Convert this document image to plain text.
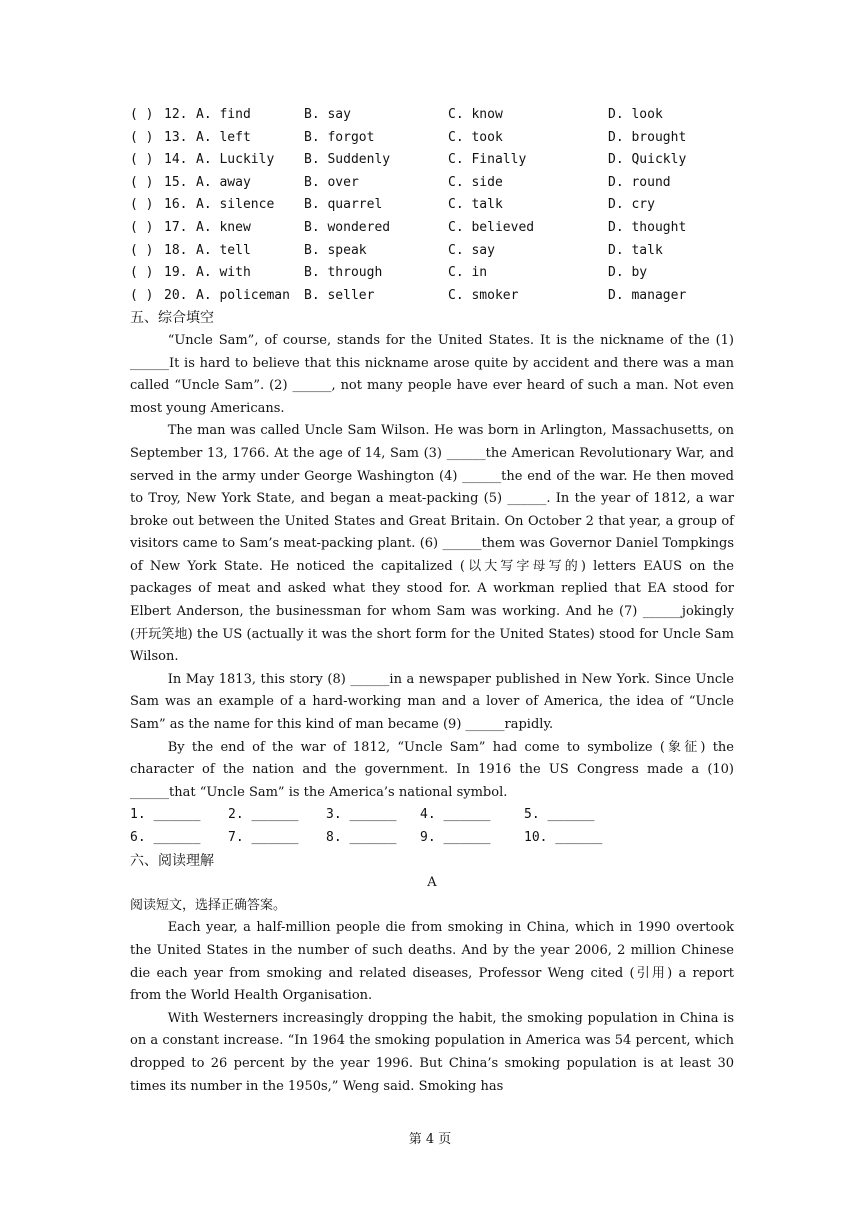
( ) 12. A. find	B. say	C. know	D. look
( ) 13. A. left	B. forgot	C. took	D. brought
( ) 14. A. Luckily B. Suddenly	C. Finally	D. Quickly
( ) 15. A. away	B. over	C. side	D. round
( ) 16. A. silence B. quarrel	C. talk	D. cry
( ) 17. A. knew	B. wondered	C. believed	D. thought
( ) 18. A. tell	B. speak	C. say	D. talk
( ) 19. A. with	B. through	C. in	D. by
( ) 20. A. policeman B. seller	C. smoker	D. manager
五、综合填空

“Uncle Sam”, of course, stands for the United States. It is the nickname of the (1) ______It is hard to believe that this nickname arose quite by accident and there was a man called “Uncle Sam”. (2) ______, not many people have ever heard of such a man. Not even most young Americans.

The man was called Uncle Sam Wilson. He was born in Arlington, Massachusetts, on September 13, 1766. At the age of 14, Sam (3) ______the American Revolutionary War, and served in the army under George Washington (4) ______the end of the war. He then moved to Troy, New York State, and began a meat-packing (5) ______. In the year of 1812, a war broke out between the United States and Great Britain. On October 2 that year, a group of visitors came to Sam’s meat-packing plant. (6) ______them was Governor Daniel Tompkings of New York State. He noticed the capitalized (以大写字母写的) letters EAUS on the packages of meat and asked what they stood for. A workman replied that EA stood for Elbert Anderson, the businessman for whom Sam was working. And he (7) ______jokingly (开玩笑地) the US (actually it was the short form for the United States) stood for Uncle Sam Wilson.

In May 1813, this story (8) ______in a newspaper published in New York. Since Uncle Sam was an example of a hard-working man and a lover of America, the idea of “Uncle Sam” as the name for this kind of man became (9) ______rapidly.

By the end of the war of 1812, “Uncle Sam” had come to symbolize (象征) the character of the nation and the government. In 1916 the US Congress made a (10) ______that “Uncle Sam” is the America’s national symbol.

1. ______ 2. ______ 3. ______ 4. ______	5. ______
6. ______ 7. ______ 8. ______ 9. ______	10. ______
六、阅读理解
A
阅读短文，选择正确答案。

Each year, a half-million people die from smoking in China, which in 1990 overtook the United States in the number of such deaths. And by the year 2006, 2 million Chinese die each year from smoking and related diseases, Professor Weng cited (引用) a report from the World Health Organisation.

With Westerners increasingly dropping the habit, the smoking population in China is on a constant increase. “In 1964 the smoking population in America was 54 percent, which dropped to 26 percent by the year 1996. But China’s smoking population is at least 30 times its number in the 1950s,” Weng said. Smoking has

第 4 页
